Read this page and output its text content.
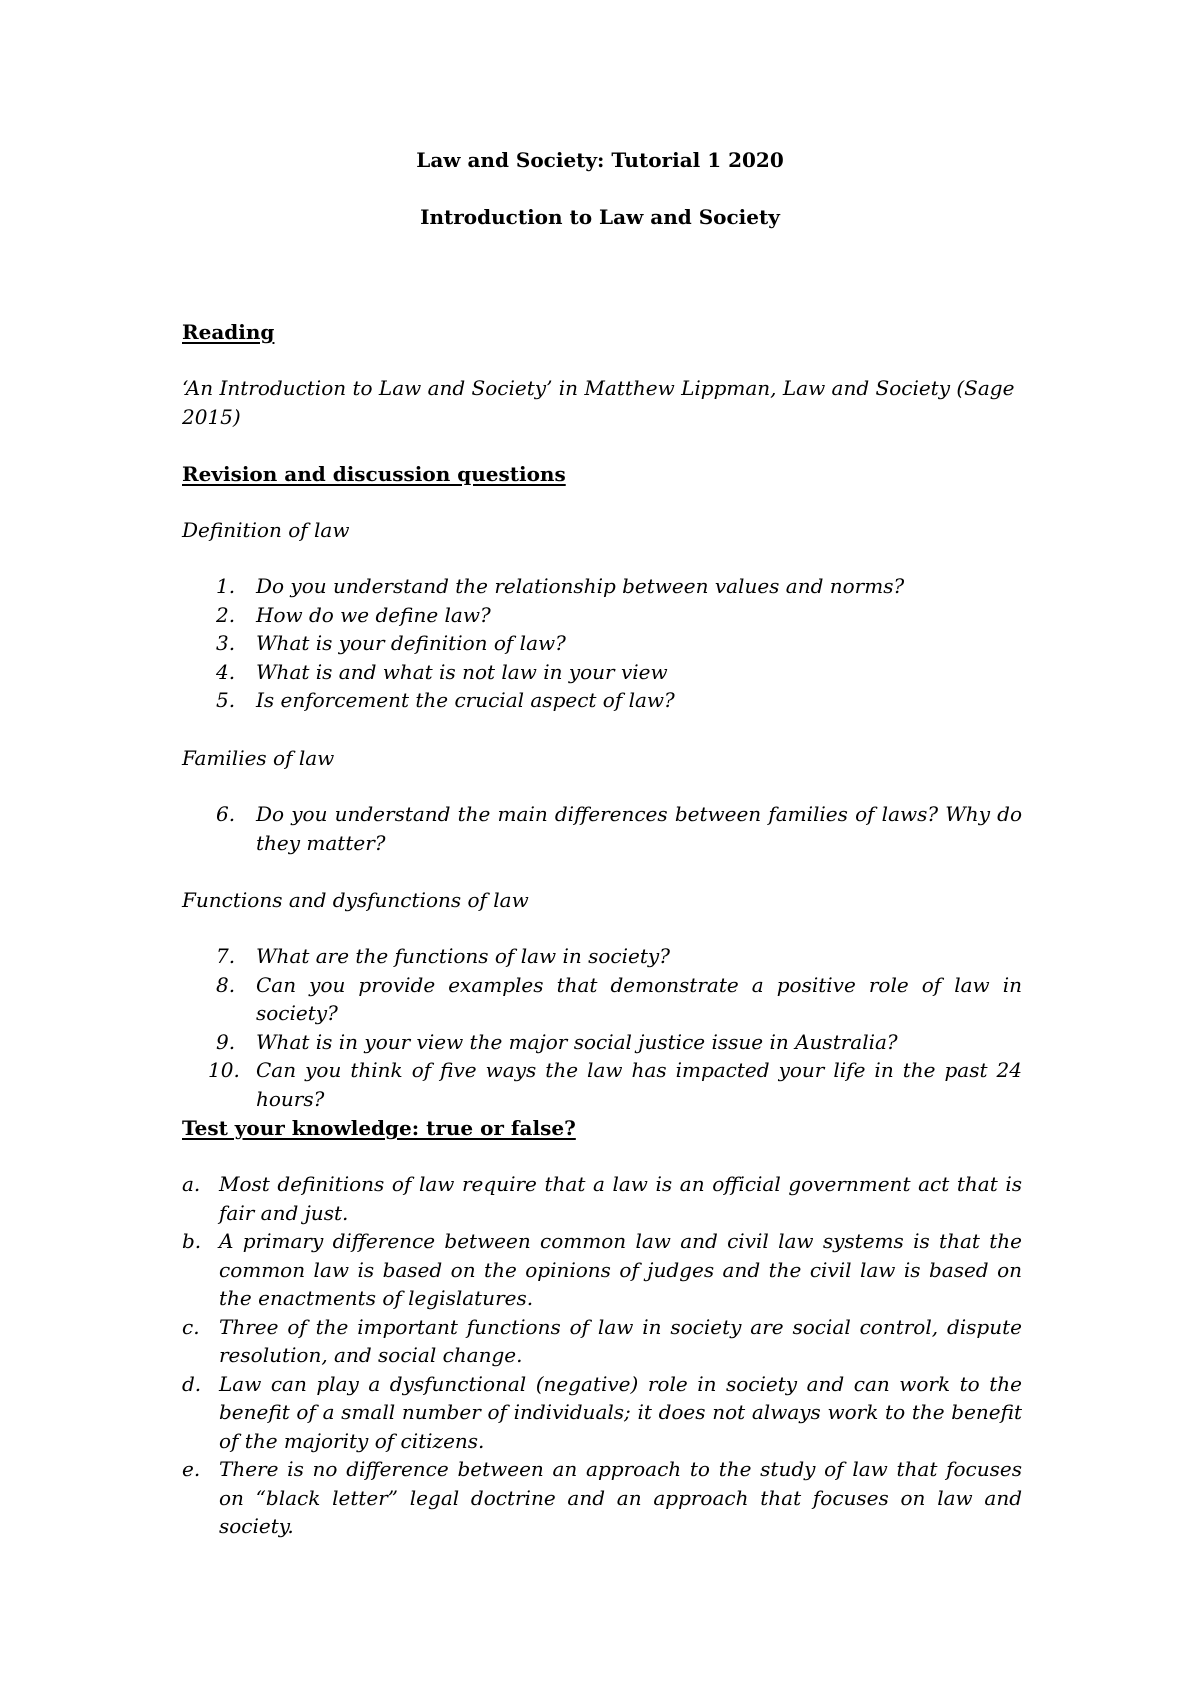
Law and Society: Tutorial 1 2020
Introduction to Law and Society
Reading
‘An Introduction to Law and Society’ in Matthew Lippman, Law and Society (Sage 2015)
Revision and discussion questions
Definition of law
1. Do you understand the relationship between values and norms?
2. How do we define law?
3. What is your definition of law?
4. What is and what is not law in your view
5. Is enforcement the crucial aspect of law?
Families of law
6. Do you understand the main differences between families of laws? Why do they matter?
Functions and dysfunctions of law
7. What are the functions of law in society?
8. Can you provide examples that demonstrate a positive role of law in society?
9. What is in your view the major social justice issue in Australia?
10. Can you think of five ways the law has impacted your life in the past 24 hours?
Test your knowledge: true or false?
a. Most definitions of law require that a law is an official government act that is fair and just.
b. A primary difference between common law and civil law systems is that the common law is based on the opinions of judges and the civil law is based on the enactments of legislatures.
c. Three of the important functions of law in society are social control, dispute resolution, and social change.
d. Law can play a dysfunctional (negative) role in society and can work to the benefit of a small number of individuals; it does not always work to the benefit of the majority of citizens.
e. There is no difference between an approach to the study of law that focuses on “black letter” legal doctrine and an approach that focuses on law and society.
